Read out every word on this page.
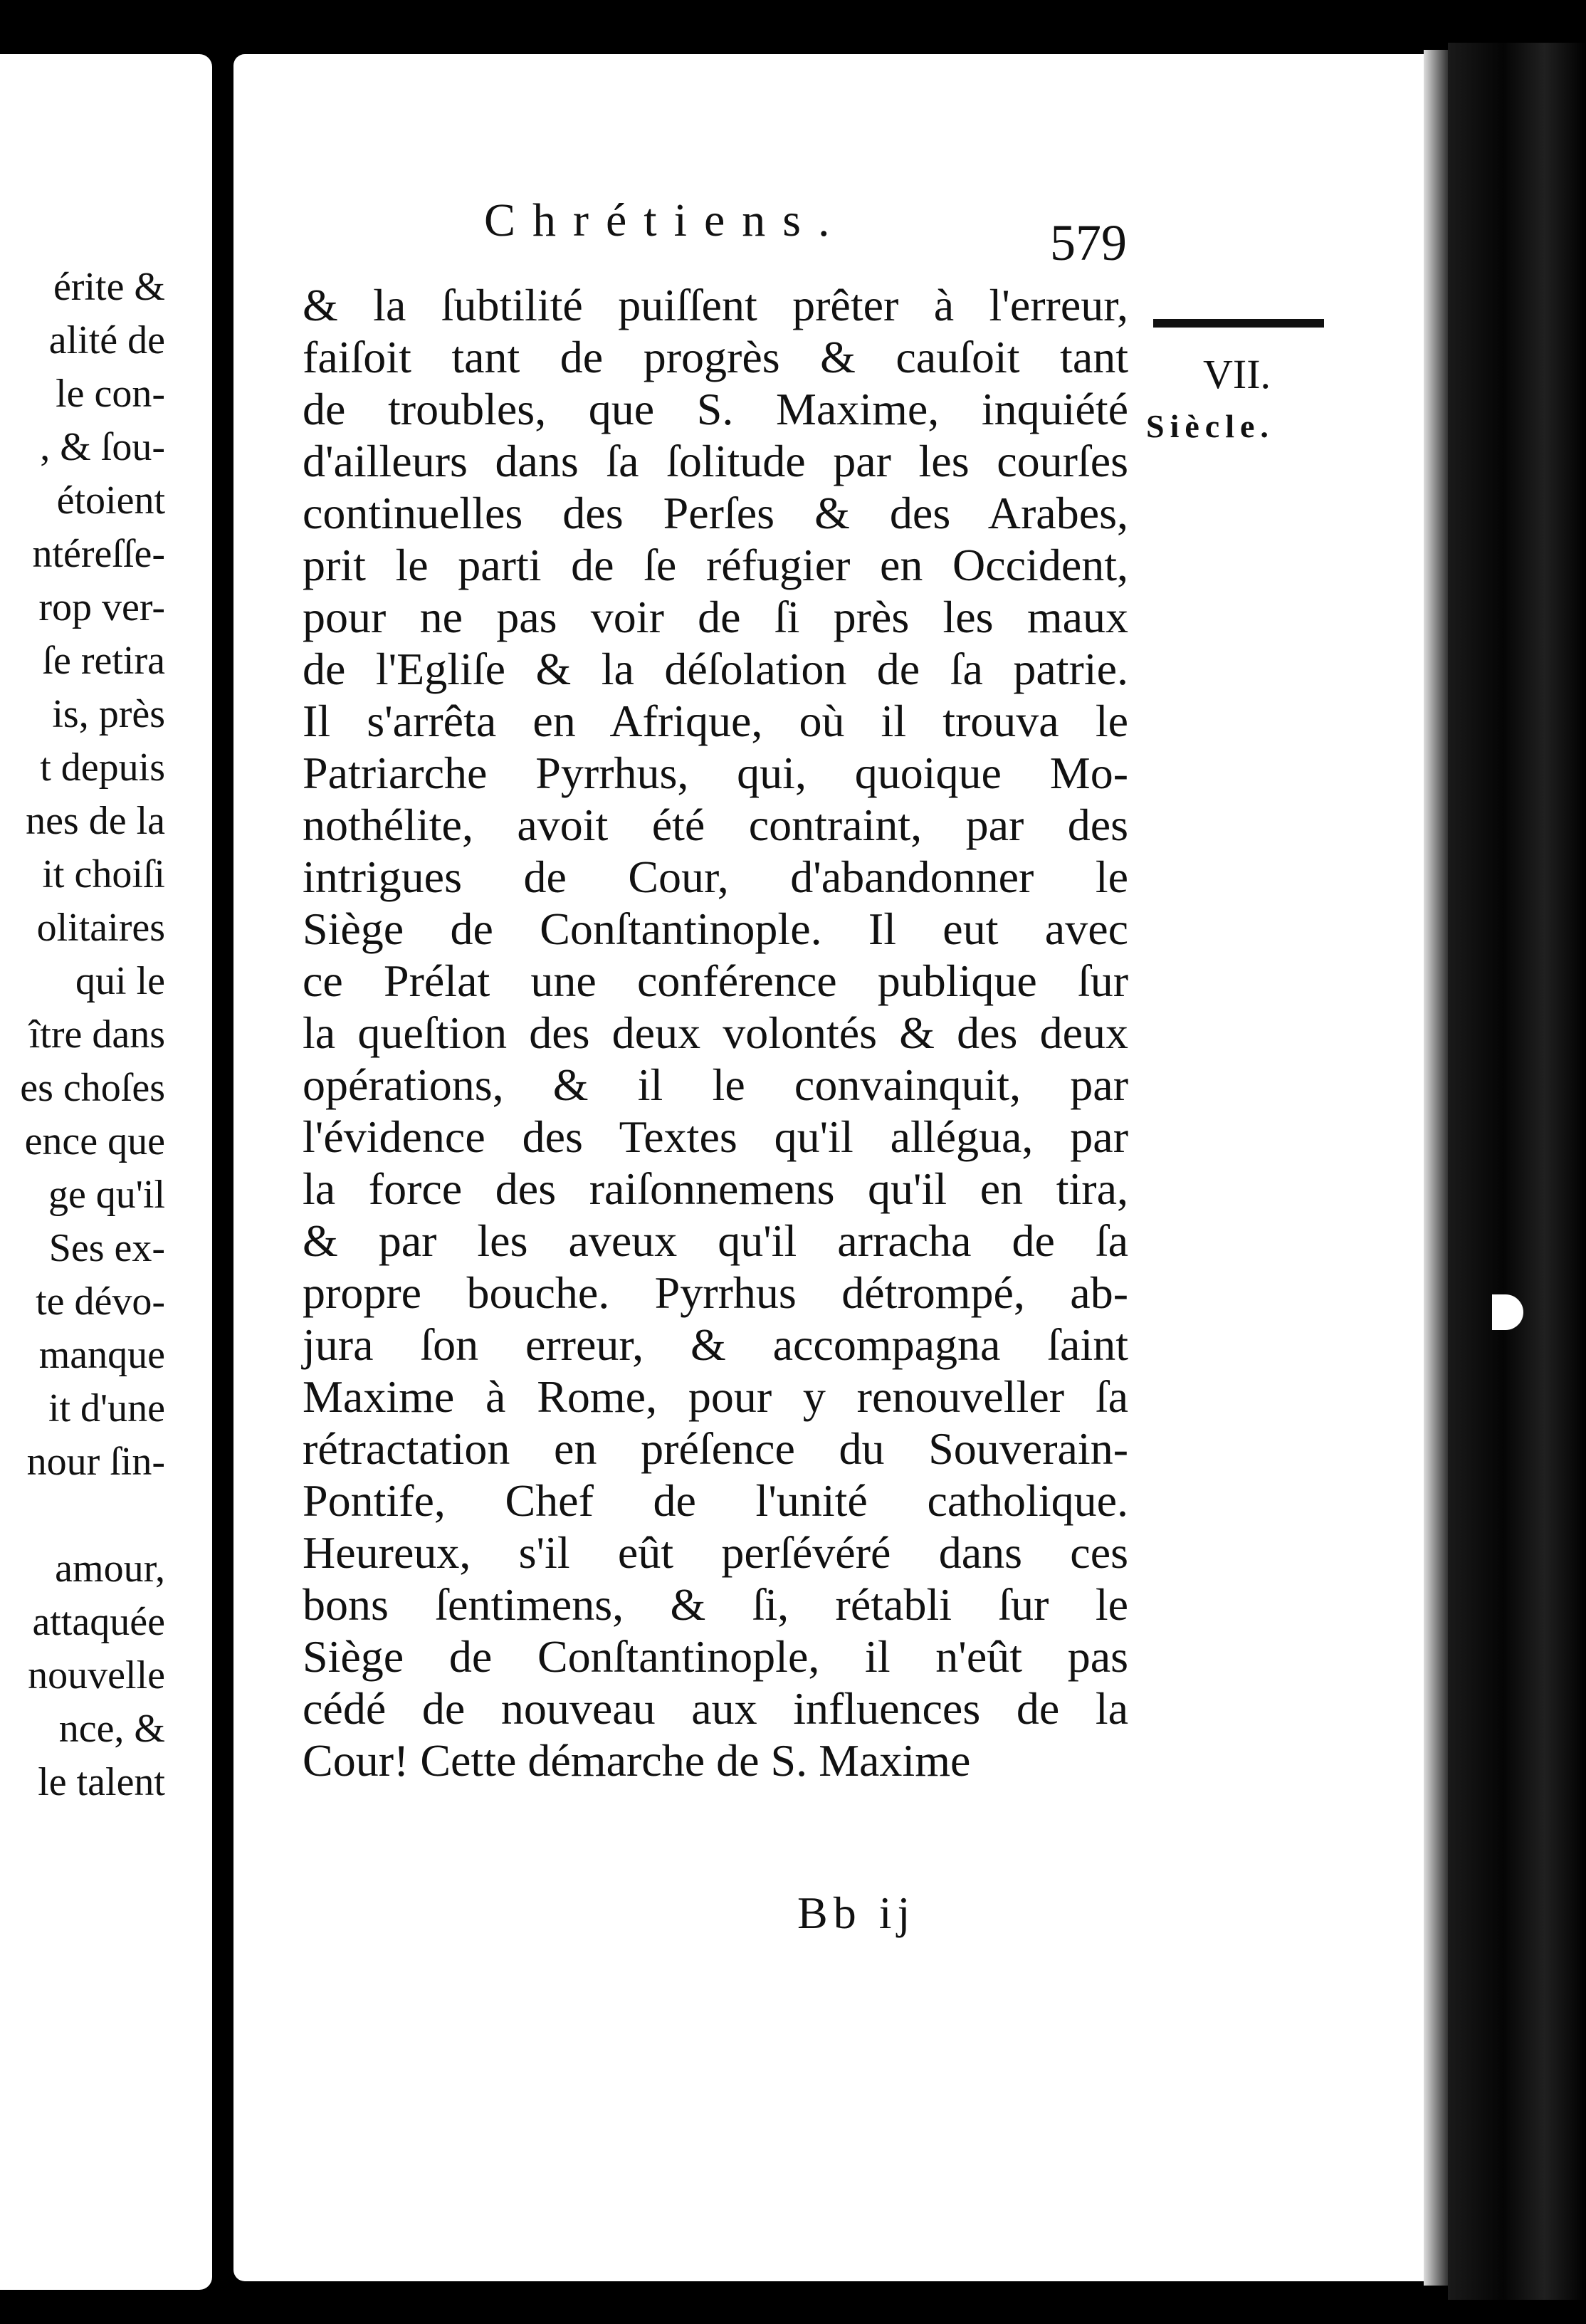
érite &
alité de
le con-
, & ſou-
étoient
ntéreſſe-
rop ver-
ſe retira
is, près
t depuis
nes de la
it choiſi
olitaires
qui le
ître dans
es choſes
ence que
ge qu'il
Ses ex-
te dévo-
manque
it d'une
nour ſin-
amour,
attaquée
nouvelle
nce, &
le talent
Chrétiens.	579
VII.
Siècle.
& la ſubtilité puiſſent prêter à l'erreur,
faiſoit tant de progrès & cauſoit tant
de troubles, que S. Maxime, inquiété
d'ailleurs dans ſa ſolitude par les courſes
continuelles des Perſes & des Arabes,
prit le parti de ſe réfugier en Occident,
pour ne pas voir de ſi près les maux
de l'Egliſe & la déſolation de ſa patrie.
Il s'arrêta en Afrique, où il trouva le
Patriarche Pyrrhus, qui, quoique Mo-
nothélite, avoit été contraint, par des
intrigues de Cour, d'abandonner le
Siège de Conſtantinople. Il eut avec
ce Prélat une conférence publique ſur
la queſtion des deux volontés & des deux
opérations, & il le convainquit, par
l'évidence des Textes qu'il allégua, par
la force des raiſonnemens qu'il en tira,
& par les aveux qu'il arracha de ſa
propre bouche. Pyrrhus détrompé, ab-
jura ſon erreur, & accompagna ſaint
Maxime à Rome, pour y renouveller ſa
rétractation en préſence du Souverain-
Pontife, Chef de l'unité catholique.
Heureux, s'il eût perſévéré dans ces
bons ſentimens, & ſi, rétabli ſur le
Siège de Conſtantinople, il n'eût pas
cédé de nouveau aux influences de la
Cour! Cette démarche de S. Maxime
Bb ij
